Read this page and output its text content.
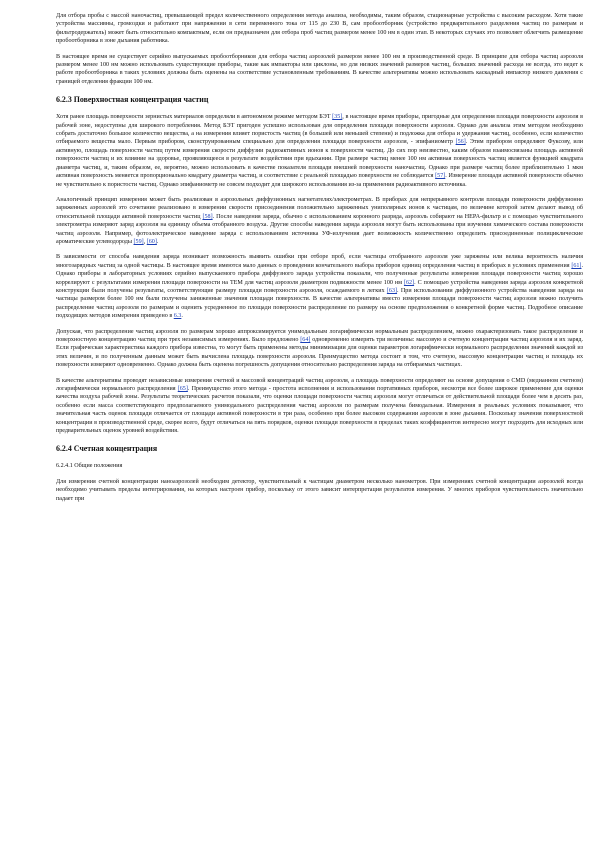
Для отбора пробы с массой наночастиц, превышающей предел количественного определения метода анализа, необходимы, таким образом, стационарные устройства с высоким расходом. Хотя такие устройства массивны, громоздки и работают при напряжении в сети переменного тока от 115 до 230 В, сам пробоотборник (устройство предварительного разделения частиц по размерам и фильтродержатель) может быть относительно компактным, если он предназначен для отбора проб частиц размером менее 100 нм в один этап. В некоторых случаях это позволяет облегчить размещение пробоотборника в зоне дыхания работника.

В настоящее время не существует серийно выпускаемых пробоотборников для отбора частиц аэрозолей размером менее 100 нм в производственной среде. В принципе для отбора частиц аэрозоля размером менее 100 нм можно использовать существующие приборы, такие как импакторы или циклоны, но для низких значений размеров частиц, больших значений расхода не всегда, это ведет к работе пробоотборника в таких условиях должны быть оценены на соответствие установленным требованиям. В качестве альтернативы можно использовать каскадный импактор низкого давления с границей отделения фракции 100 нм.

6.2.3 Поверхностная концентрация частиц

Хотя ранее площадь поверхности зернистых материалов определяли в автономном режиме методом БЭТ [35], в настоящее время приборы, пригодные для определения площади поверхности аэрозоля в рабочей зоне, недоступны для широкого потребления. Метод БЭТ пригоден успешно использован для определения площади поверхности аэрозоля. Однако для анализа этим методом необходимо собрать достаточно большое количество вещества, а на измерения влияет пористость частиц (в большей или меньшей степени) и подложка для отбора и удержания частиц, особенно, если количество отбираемого вещества мало. Первым прибором, сконструированным специально для определения площади поверхности аэрозоля, - эпифаниометр [56]. Этим прибором определяют Фуксову, или активную, площадь поверхности частиц путем измерения скорости диффузии радиоактивных ионов к поверхности частиц. До сих пор неизвестно, каким образом взаимосвязаны площадь активной поверхности частиц и их влияние на здоровье, проявляющееся в результате воздействия при вдыхании. При размере частиц менее 100 нм активная поверхность частиц является функцией квадрата диаметра частиц, и, таким образом, ее, вероятно, можно использовать в качестве показателя площади внешней поверхности наночастиц. Однако при размере частиц более приблизительно 1 мкм активная поверхность меняется пропорционально квадрату диаметра частиц, и соответствие с реальной площадью поверхности не соблюдается [57]. Измерение площади активной поверхности обычно не чувствительно к пористости частиц. Однако эпифаниометр не совсем подходит для широкого использования из-за применения радиоактивного источника.

Аналогичный принцип измерения может быть реализован в аэрозольных диффузионных нагнетателях/электрометрах. В приборах для непрерывного контроля площади поверхности диффузионно заряженных аэрозолей это сочетание реализовано в измерении скорости присоединения положительно заряженных униполярных ионов к частицам, по величине которой затем делают вывод об относительной площади активной поверхности частиц [58]. После наведения заряда, обычно с использованием коронного разряда, аэрозоль собирают на HEPA-фильтр и с помощью чувствительного электрометра измеряют заряд аэрозоля на единицу объема отобранного воздуха. Другие способы наведения заряда аэрозоля могут быть использованы при изучении химического состава поверхности частиц аэрозоля. Например, фотоэлектрическое наведение заряда с использованием источника УФ-излучения дает возможность количественно определить присоединенные полициклические ароматические углеводороды [59], [60].

В зависимости от способа наведения заряда возникает возможность выявить ошибки при отборе проб, если частицы отобранного аэрозоля уже заряжены или велика вероятность наличия многозарядных частиц за одной частицы. В настоящее время имеются мало данных о проведении кончательного выбора приборов единиц определения частиц в приборах в условиях применения [61]. Однако приборы в лабораторных условиях серийно выпускаемого прибора диффузного заряда устройства показали, что полученные результаты измерения площади поверхности частиц хорошо коррелируют с результатами измерения площади поверхности на ТЕМ для частиц аэрозоля диаметром подвижности менее 100 нм [62]. С помощью устройства наведения заряда аэрозоля конкретной конструкции были получены результаты, соответствующие размеру площади поверхности аэрозоля, осаждаемого в легких [63]. При использовании диффузионного устройства наведения заряда на частицы размером более 100 нм были получены заниженные значения площади поверхности. В качестве альтернативы вместо измерения площади поверхности частиц аэрозоля можно получить распределение частиц аэрозоля по размерам и оценить усредненное по площади поверхности распределение по размеру на основе предположения о конкретной форме частиц. Подробное описание подходящих методов измерения приведено в 6.3.

Допуская, что распределение частиц аэрозоля по размерам хорошо аппроксимируется унимодальным логарифмически нормальным распределением, можно охарактеризовать такое распределение и поверхностную концентрацию частиц при трех независимых измерениях. Было предложено [64] одновременно измерять три величины: массовую и счетную концентрации частиц аэрозоля и их заряд. Если графическая характеристика каждого прибора известна, то могут быть применены методы минимизации для оценки параметров логарифмически нормального распределения значений каждой из этих величин, и по полученным данным может быть вычислена площадь поверхности аэрозоля. Преимущество метода состоит в том, что счетную, массовую концентрации частиц и площадь их поверхности измеряют одновременно. Однако должна быть оценена погрешность допущения относительно распределения заряда на отбираемых частицах.

В качестве альтернативы проводят независимые измерения счетной и массовой концентраций частиц аэрозоля, а площадь поверхности определяют на основе допущения о CMD (медианном счетном) логарифмически нормального распределения [65]. Преимущество этого метода - простота исполнения и использования портативных приборов, несмотря все более широкое применение для оценки качества воздуха рабочей зоны. Результаты теоретических расчетов показали, что оценки площади поверхности частиц аэрозоля могут отличаться от действительной площади более чем в десять раз, особенно если масса соответствующего предполагаемого унимодального распределения частиц аэрозоля по размерам получена бимодальная. Измерения в реальных условиях показывают, что значительная часть оценок площади отличается от площади активной поверхности в три раза, особенно при более высоком содержании аэрозоля в зоне дыхания. Поскольку значения поверхностной концентрации в производственной среде, скорее всего, будут отличаться на пять порядков, оценки площади поверхности в пределах таких коэффициентов интересно могут подходить для исходных или предварительных оценок уровней воздействия.

6.2.4 Счетная концентрация
6.2.4.1 Общие положения

Для измерения счетной концентрации наноаэрозолей необходим детектор, чувствительный к частицам диаметром несколько нанометров. При измерениях счетной концентрации аэрозолей всегда необходимо учитывать пределы интегрирования, на которых настроен прибор, поскольку от этого зависит интерпретация результатов измерения. У многих приборов чувствительность значительно падает при
